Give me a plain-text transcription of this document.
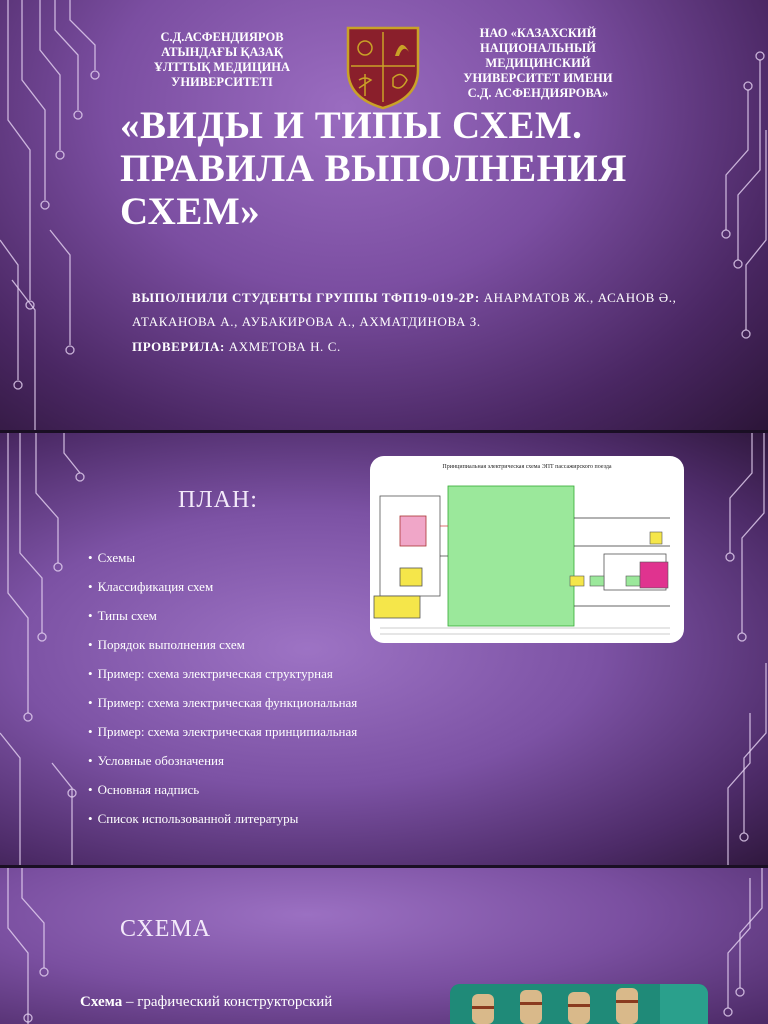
С.Д.АСФЕНДИЯРОВ АТЫНДАҒЫ ҚАЗАҚ ҰЛТТЫҚ МЕДИЦИНА УНИВЕРСИТЕТІ
НАО «КАЗАХСКИЙ НАЦИОНАЛЬНЫЙ МЕДИЦИНСКИЙ УНИВЕРСИТЕТ ИМЕНИ С.Д. АСФЕНДИЯРОВА»
«ВИДЫ И ТИПЫ СХЕМ. ПРАВИЛА ВЫПОЛНЕНИЯ СХЕМ»
ВЫПОЛНИЛИ СТУДЕНТЫ ГРУППЫ ТФП19-019-2Р: АНАРМАТОВ Ж., АСАНОВ Ә., АТАКАНОВА А., АУБАКИРОВА А., АХМАТДИНОВА З.
ПРОВЕРИЛА: АХМЕТОВА Н. С.
ПЛАН:
• Схемы
• Классификация схем
• Типы схем
• Порядок выполнения схем
• Пример: схема электрическая структурная
• Пример: схема электрическая функциональная
• Пример: схема электрическая принципиальная
• Условные обозначения
• Основная надпись
• Список использованной литературы
Принципиальная электрическая схема ЭПТ пассажирского поезда
СХЕМА
Схема – графический конструкторский
